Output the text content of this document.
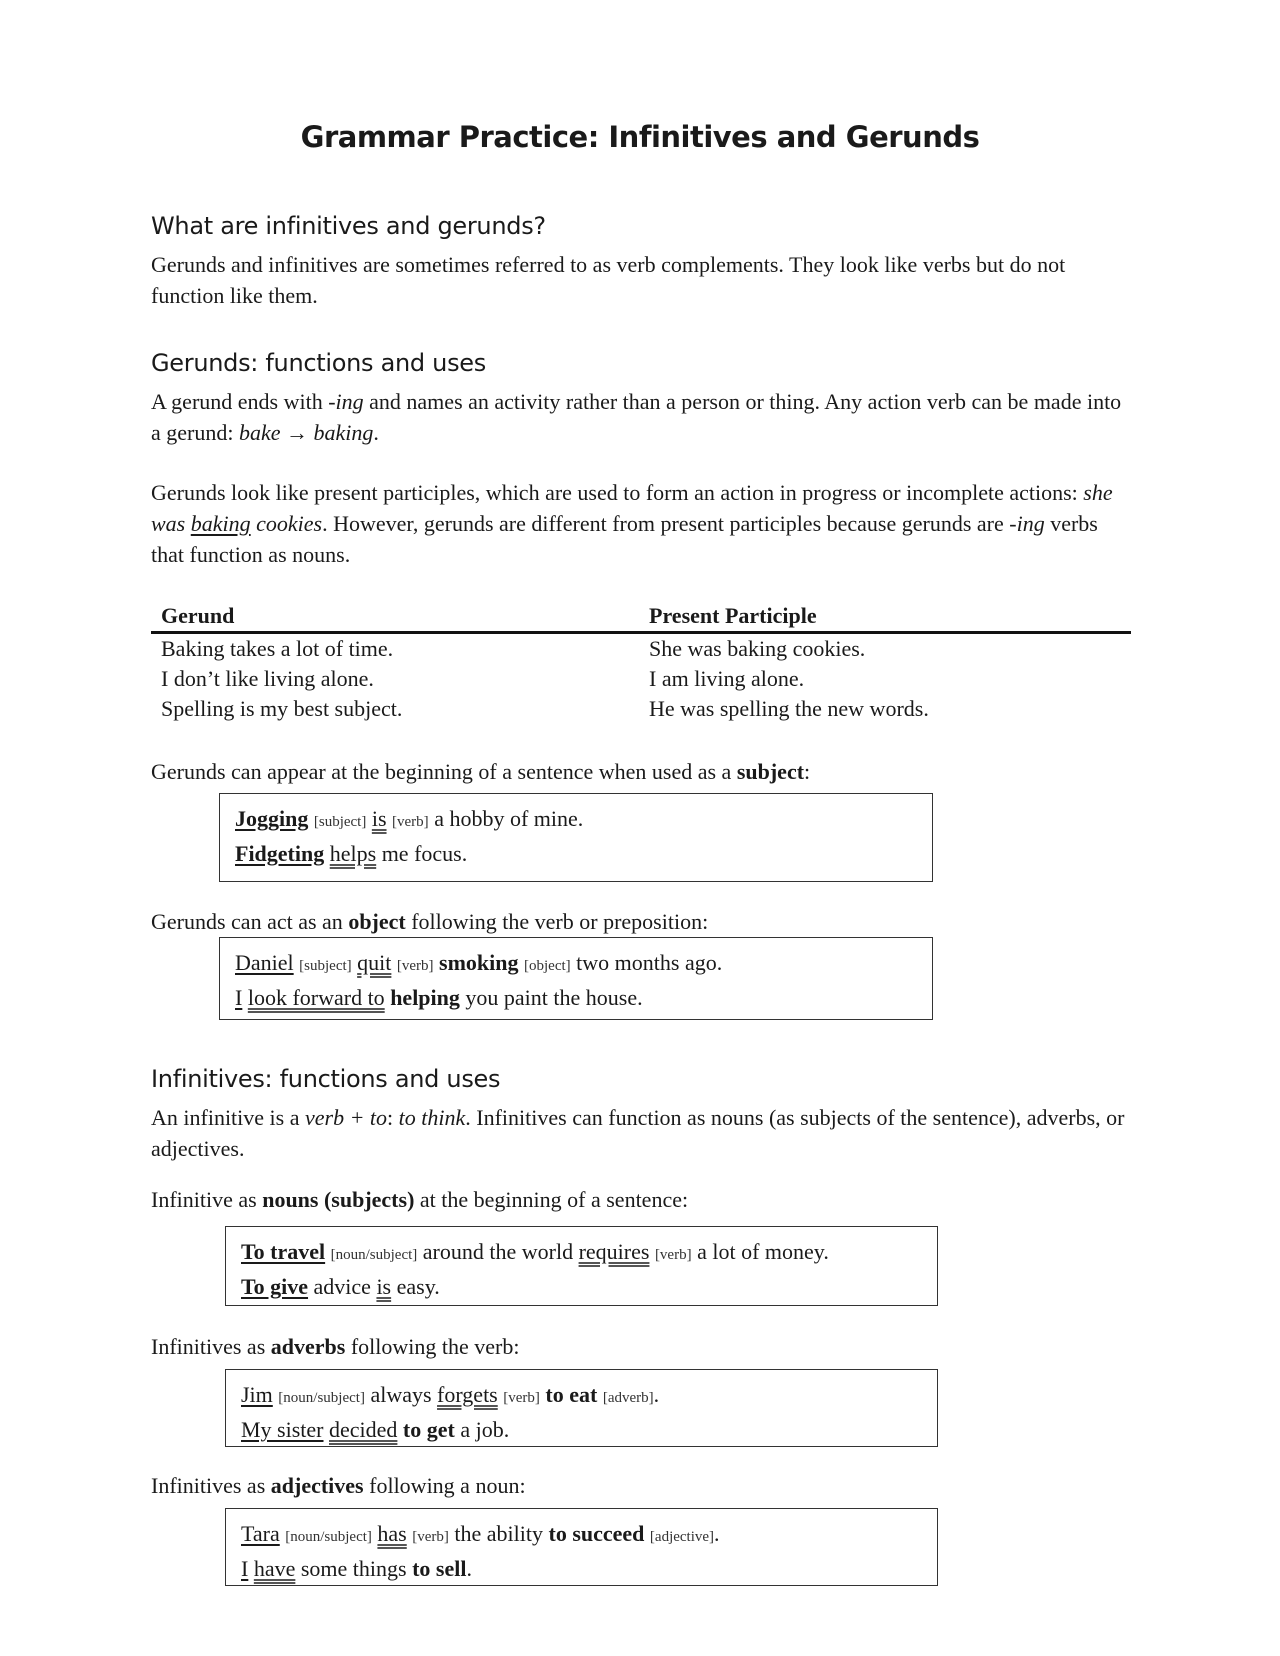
Grammar Practice: Infinitives and Gerunds
What are infinitives and gerunds?

Gerunds and infinitives are sometimes referred to as verb complements. They look like verbs but do not function like them.

Gerunds: functions and uses

A gerund ends with -ing and names an activity rather than a person or thing. Any action verb can be made into a gerund: bake → baking.

Gerunds look like present participles, which are used to form an action in progress or incomplete actions: she was baking cookies. However, gerunds are different from present participles because gerunds are -ing verbs that function as nouns.

Gerund	Present Participle
Baking takes a lot of time.	She was baking cookies.
I don’t like living alone.	I am living alone.
Spelling is my best subject.	He was spelling the new words.

Gerunds can appear at the beginning of a sentence when used as a subject:

Jogging [subject] is [verb] a hobby of mine.
Fidgeting helps me focus.

Gerunds can act as an object following the verb or preposition:

Daniel [subject] quit [verb] smoking [object] two months ago.
I look forward to helping you paint the house.
Infinitives: functions and uses

An infinitive is a verb + to: to think. Infinitives can function as nouns (as subjects of the sentence), adverbs, or adjectives.

Infinitive as nouns (subjects) at the beginning of a sentence:

To travel [noun/subject] around the world requires [verb] a lot of money.
To give advice is easy.

Infinitives as adverbs following the verb:

Jim [noun/subject] always forgets [verb] to eat [adverb].
My sister decided to get a job.

Infinitives as adjectives following a noun:

Tara [noun/subject] has [verb] the ability to succeed [adjective].
I have some things to sell.
